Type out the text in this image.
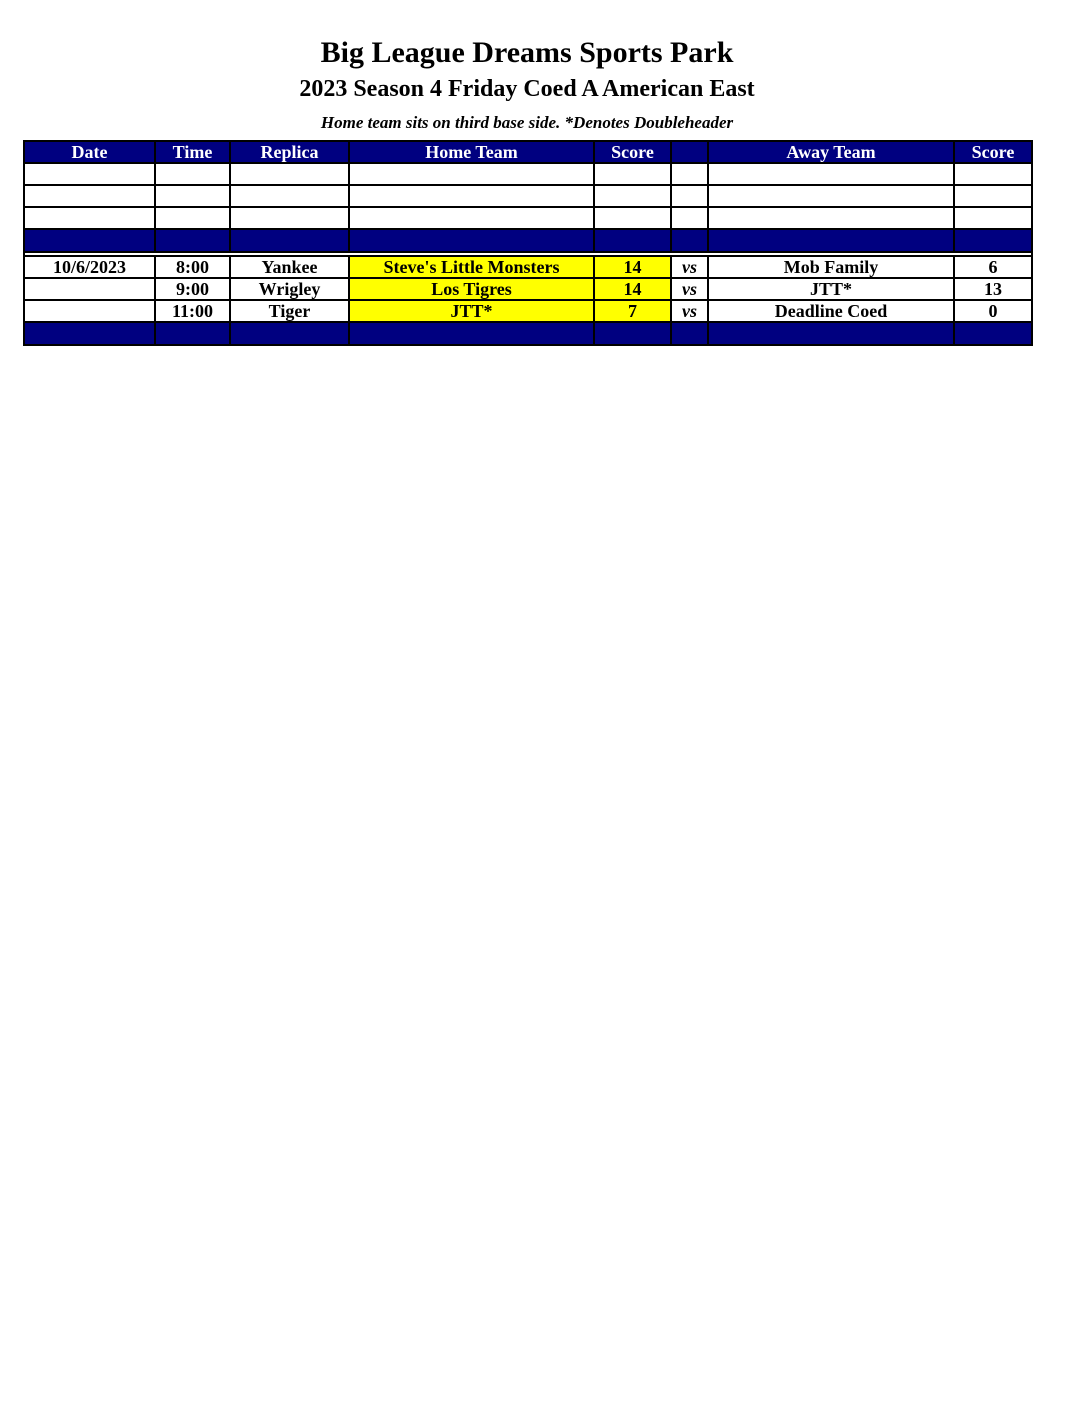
Big League Dreams Sports Park
2023 Season 4 Friday Coed A American East
Home team sits on third base side. *Denotes Doubleheader
Date	Time	Replica	Home Team	Score		Away Team	Score

10/6/2023	8:00	Yankee	Steve's Little Monsters	14	vs	Mob Family	6
	9:00	Wrigley	Los Tigres	14	vs	JTT*	13
	11:00	Tiger	JTT*	7	vs	Deadline Coed	0
